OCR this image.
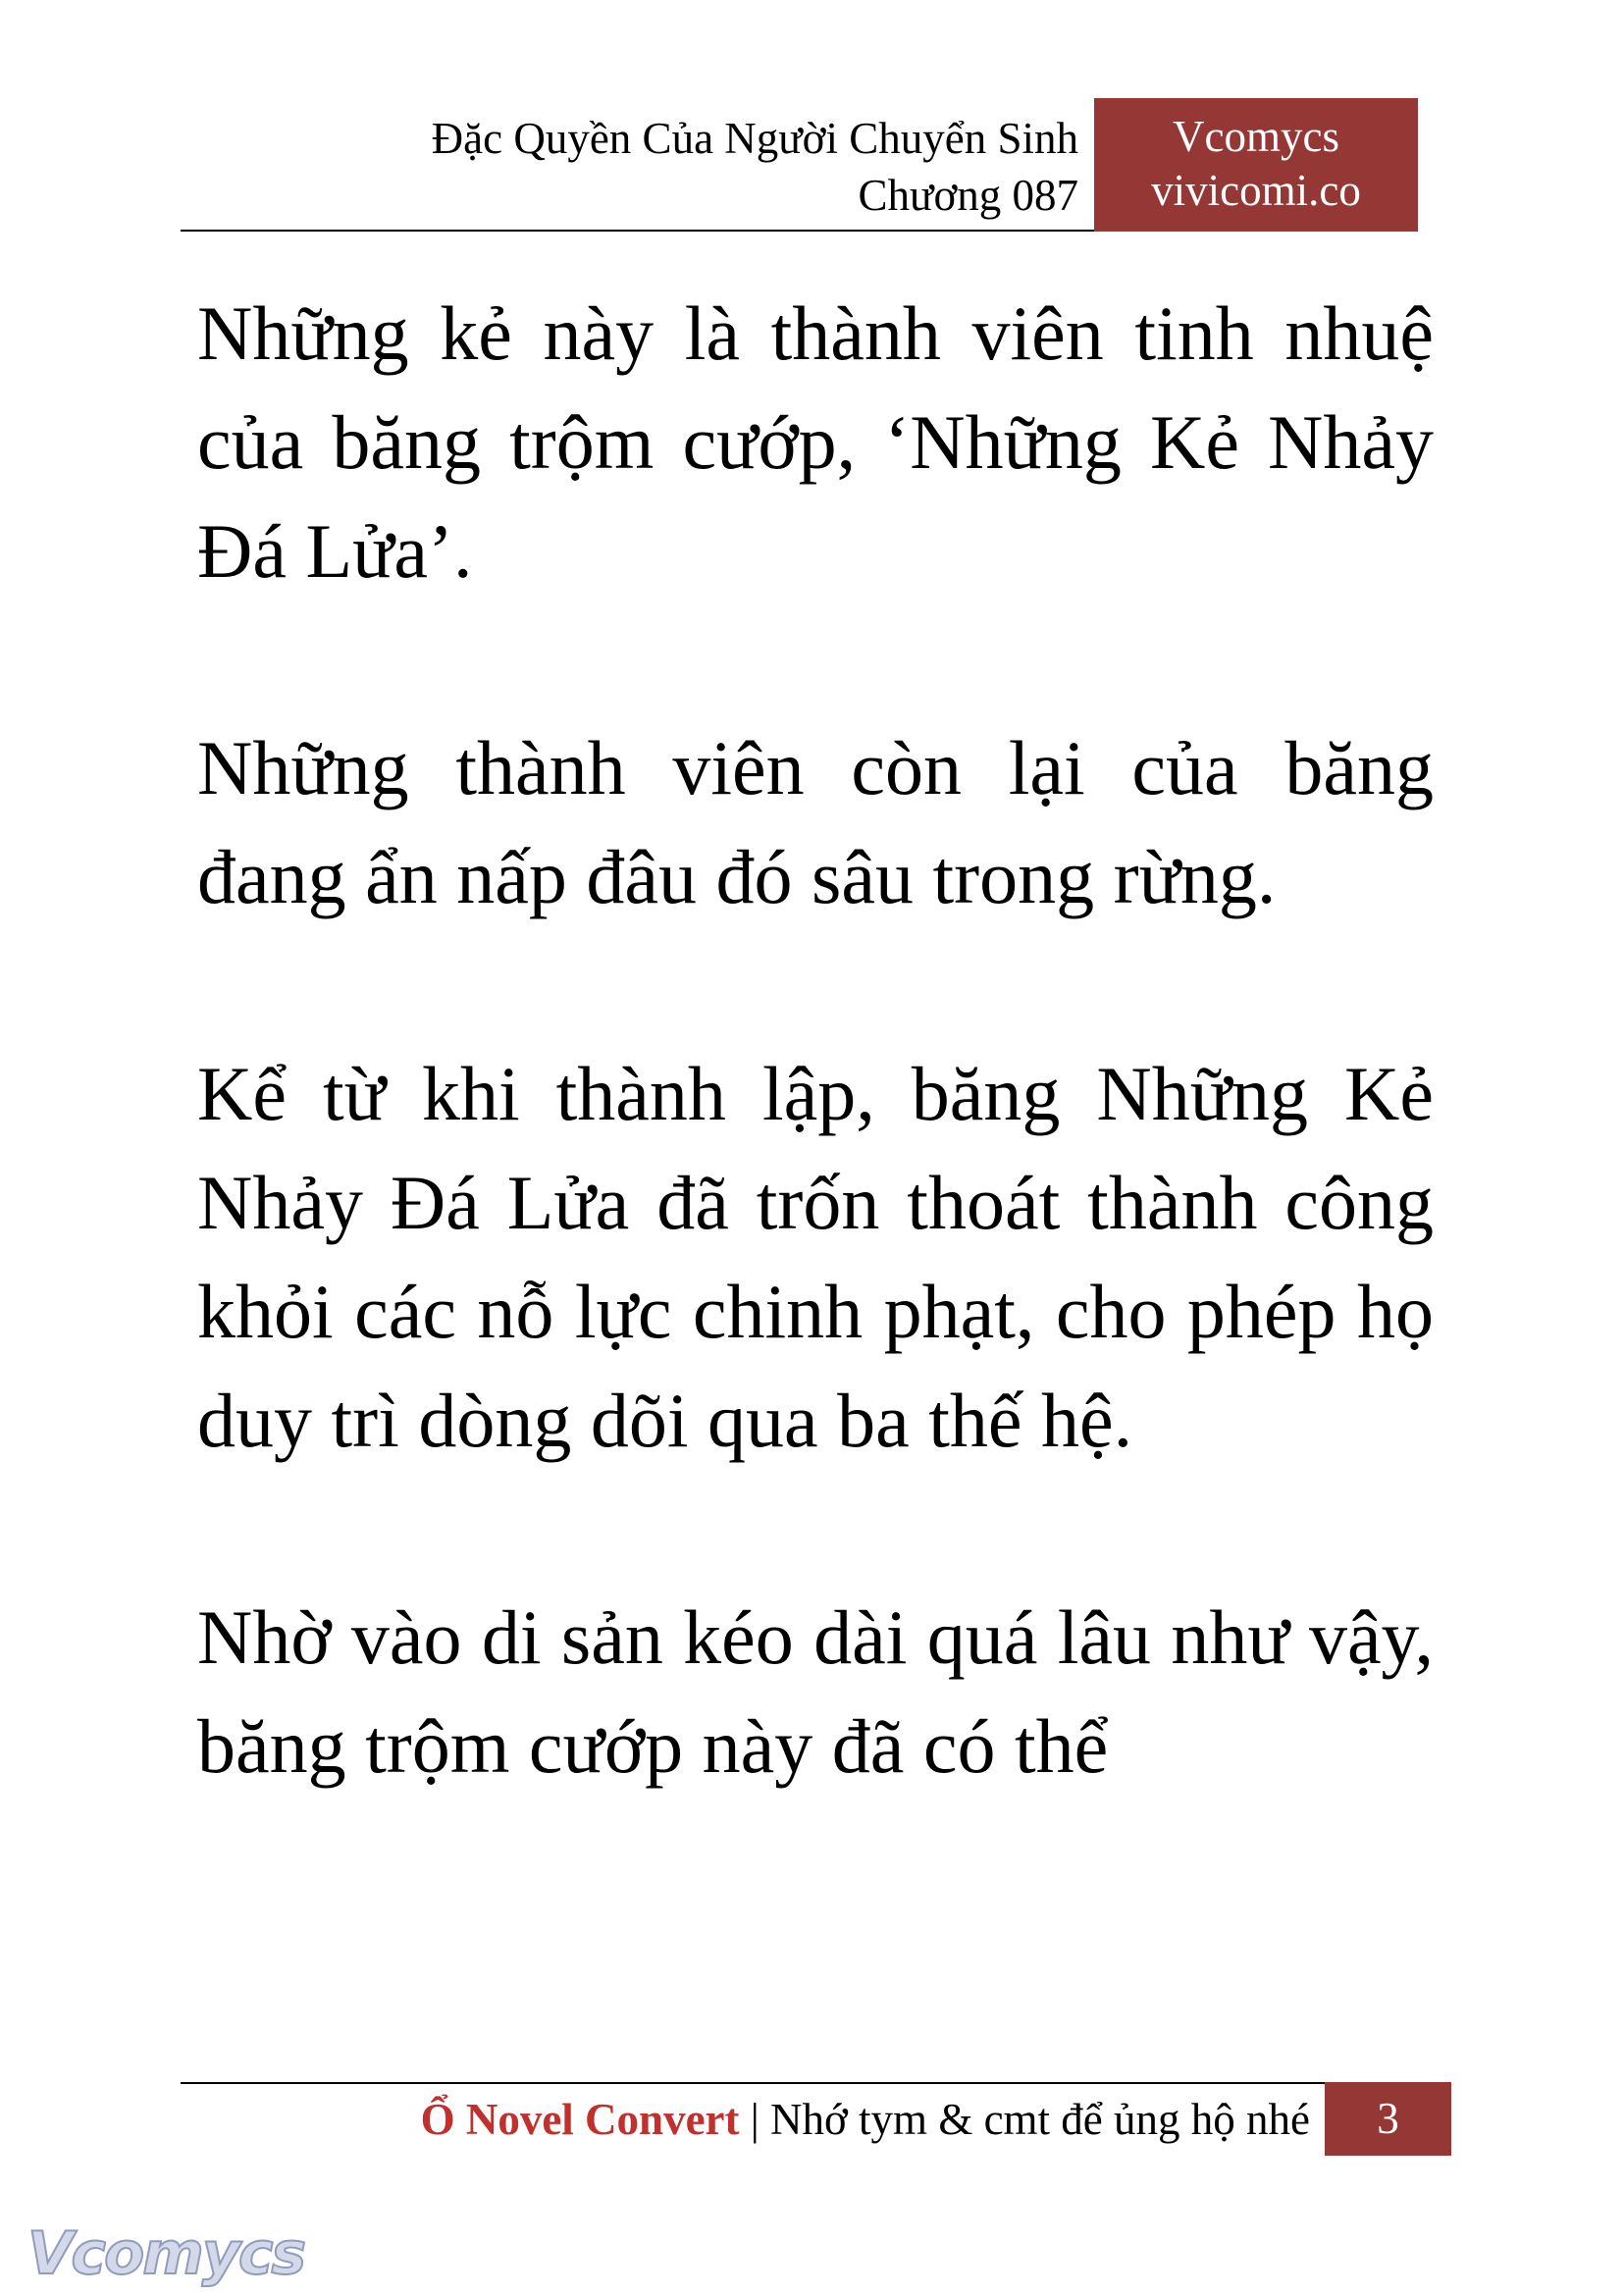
Đặc Quyền Của Người Chuyển Sinh
Chương 087
Vcomycs
vivicomi.co

Những kẻ này là thành viên tinh nhuệ của băng trộm cướp, ‘Những Kẻ Nhảy Đá Lửa’.

Những thành viên còn lại của băng đang ẩn nấp đâu đó sâu trong rừng.

Kể từ khi thành lập, băng Những Kẻ Nhảy Đá Lửa đã trốn thoát thành công khỏi các nỗ lực chinh phạt, cho phép họ duy trì dòng dõi qua ba thế hệ.

Nhờ vào di sản kéo dài quá lâu như vậy, băng trộm cướp này đã có thể

Ổ Novel Convert | Nhớ tym & cmt để ủng hộ nhé	3
Vcomycs
